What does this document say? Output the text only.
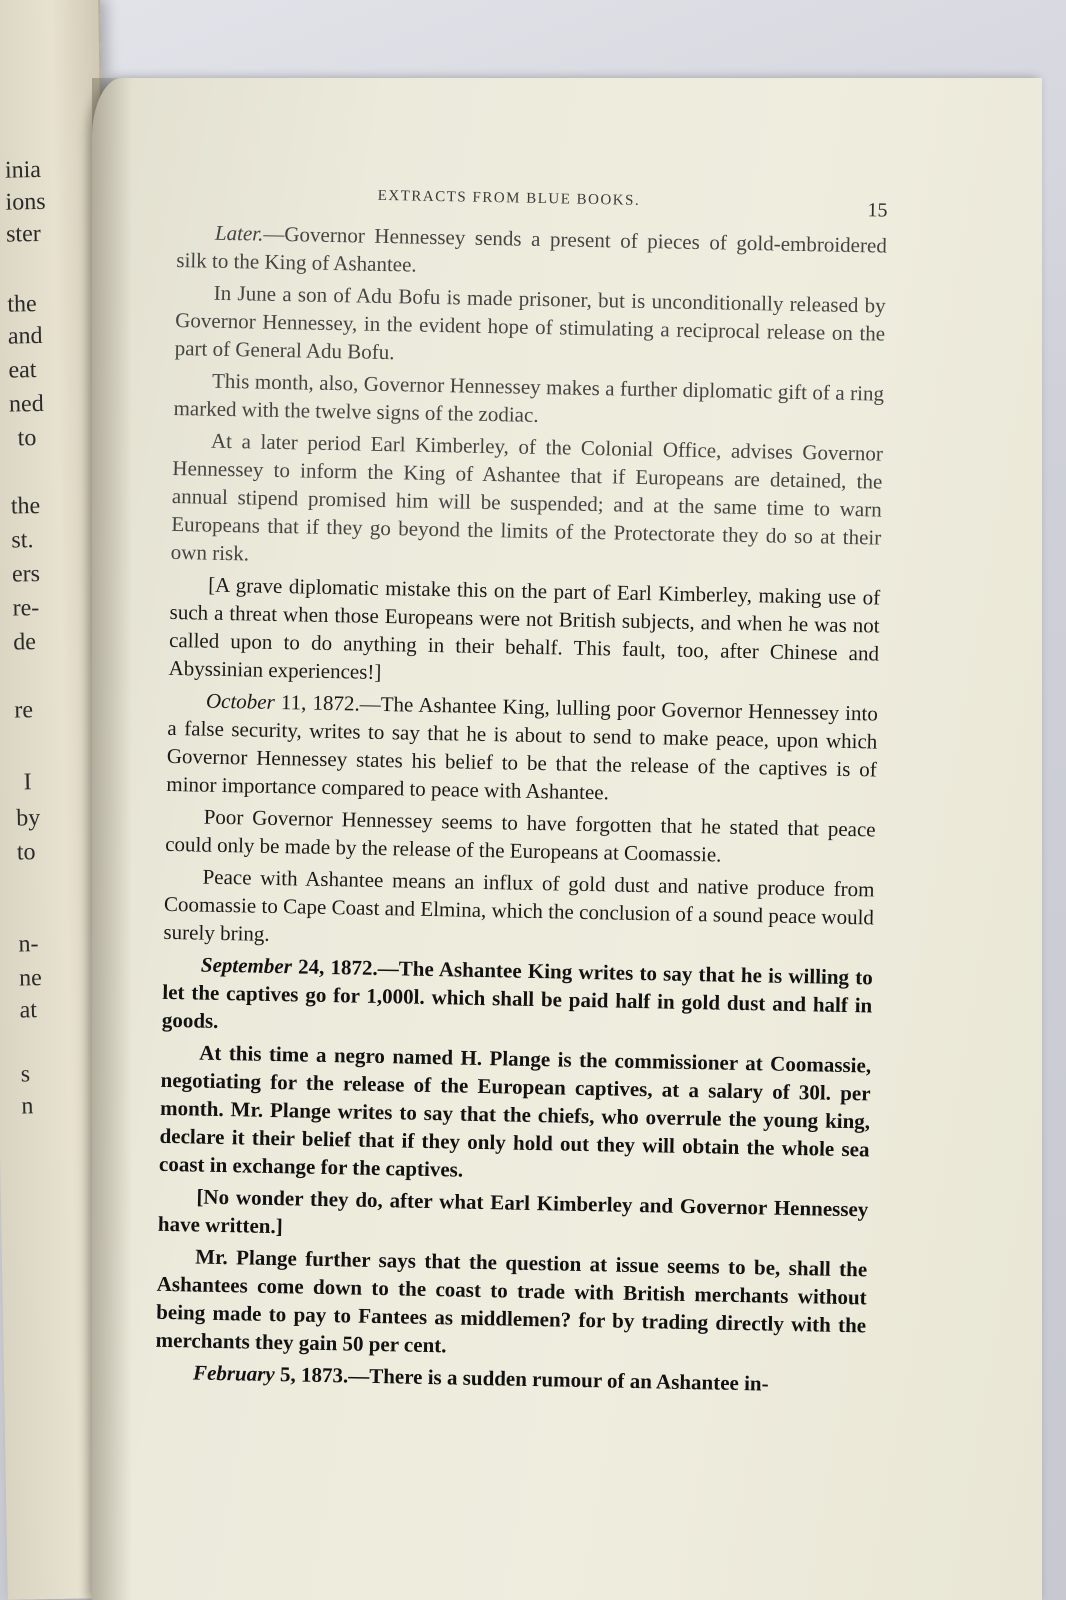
inia
ions
ster
the
and
eat
ned
to
the
st.
ers
re-
de
re
I
by
to
n-
ne
at
s
n
EXTRACTS FROM BLUE BOOKS.
15

Later.—Governor Hennessey sends a present of pieces of gold-embroidered silk to the King of Ashantee.

In June a son of Adu Bofu is made prisoner, but is unconditionally released by Governor Hennessey, in the evident hope of stimulating a reciprocal release on the part of General Adu Bofu.

This month, also, Governor Hennessey makes a further diplomatic gift of a ring marked with the twelve signs of the zodiac.

At a later period Earl Kimberley, of the Colonial Office, advises Governor Hennessey to inform the King of Ashantee that if Europeans are detained, the annual stipend promised him will be suspended; and at the same time to warn Europeans that if they go beyond the limits of the Protectorate they do so at their own risk.

[A grave diplomatic mistake this on the part of Earl Kimberley, making use of such a threat when those Europeans were not British subjects, and when he was not called upon to do anything in their behalf. This fault, too, after Chinese and Abyssinian experiences!]

October 11, 1872.—The Ashantee King, lulling poor Governor Hennessey into a false security, writes to say that he is about to send to make peace, upon which Governor Hennessey states his belief to be that the release of the captives is of minor importance compared to peace with Ashantee.

Poor Governor Hennessey seems to have forgotten that he stated that peace could only be made by the release of the Europeans at Coomassie.

Peace with Ashantee means an influx of gold dust and native produce from Coomassie to Cape Coast and Elmina, which the conclusion of a sound peace would surely bring.

September 24, 1872.—The Ashantee King writes to say that he is willing to let the captives go for 1,000l. which shall be paid half in gold dust and half in goods.

At this time a negro named H. Plange is the commissioner at Coomassie, negotiating for the release of the European captives, at a salary of 30l. per month. Mr. Plange writes to say that the chiefs, who overrule the young king, declare it their belief that if they only hold out they will obtain the whole sea coast in exchange for the captives.

[No wonder they do, after what Earl Kimberley and Governor Hennessey have written.]

Mr. Plange further says that the question at issue seems to be, shall the Ashantees come down to the coast to trade with British merchants without being made to pay to Fantees as middlemen? for by trading directly with the merchants they gain 50 per cent.

February 5, 1873.—There is a sudden rumour of an Ashantee in-
